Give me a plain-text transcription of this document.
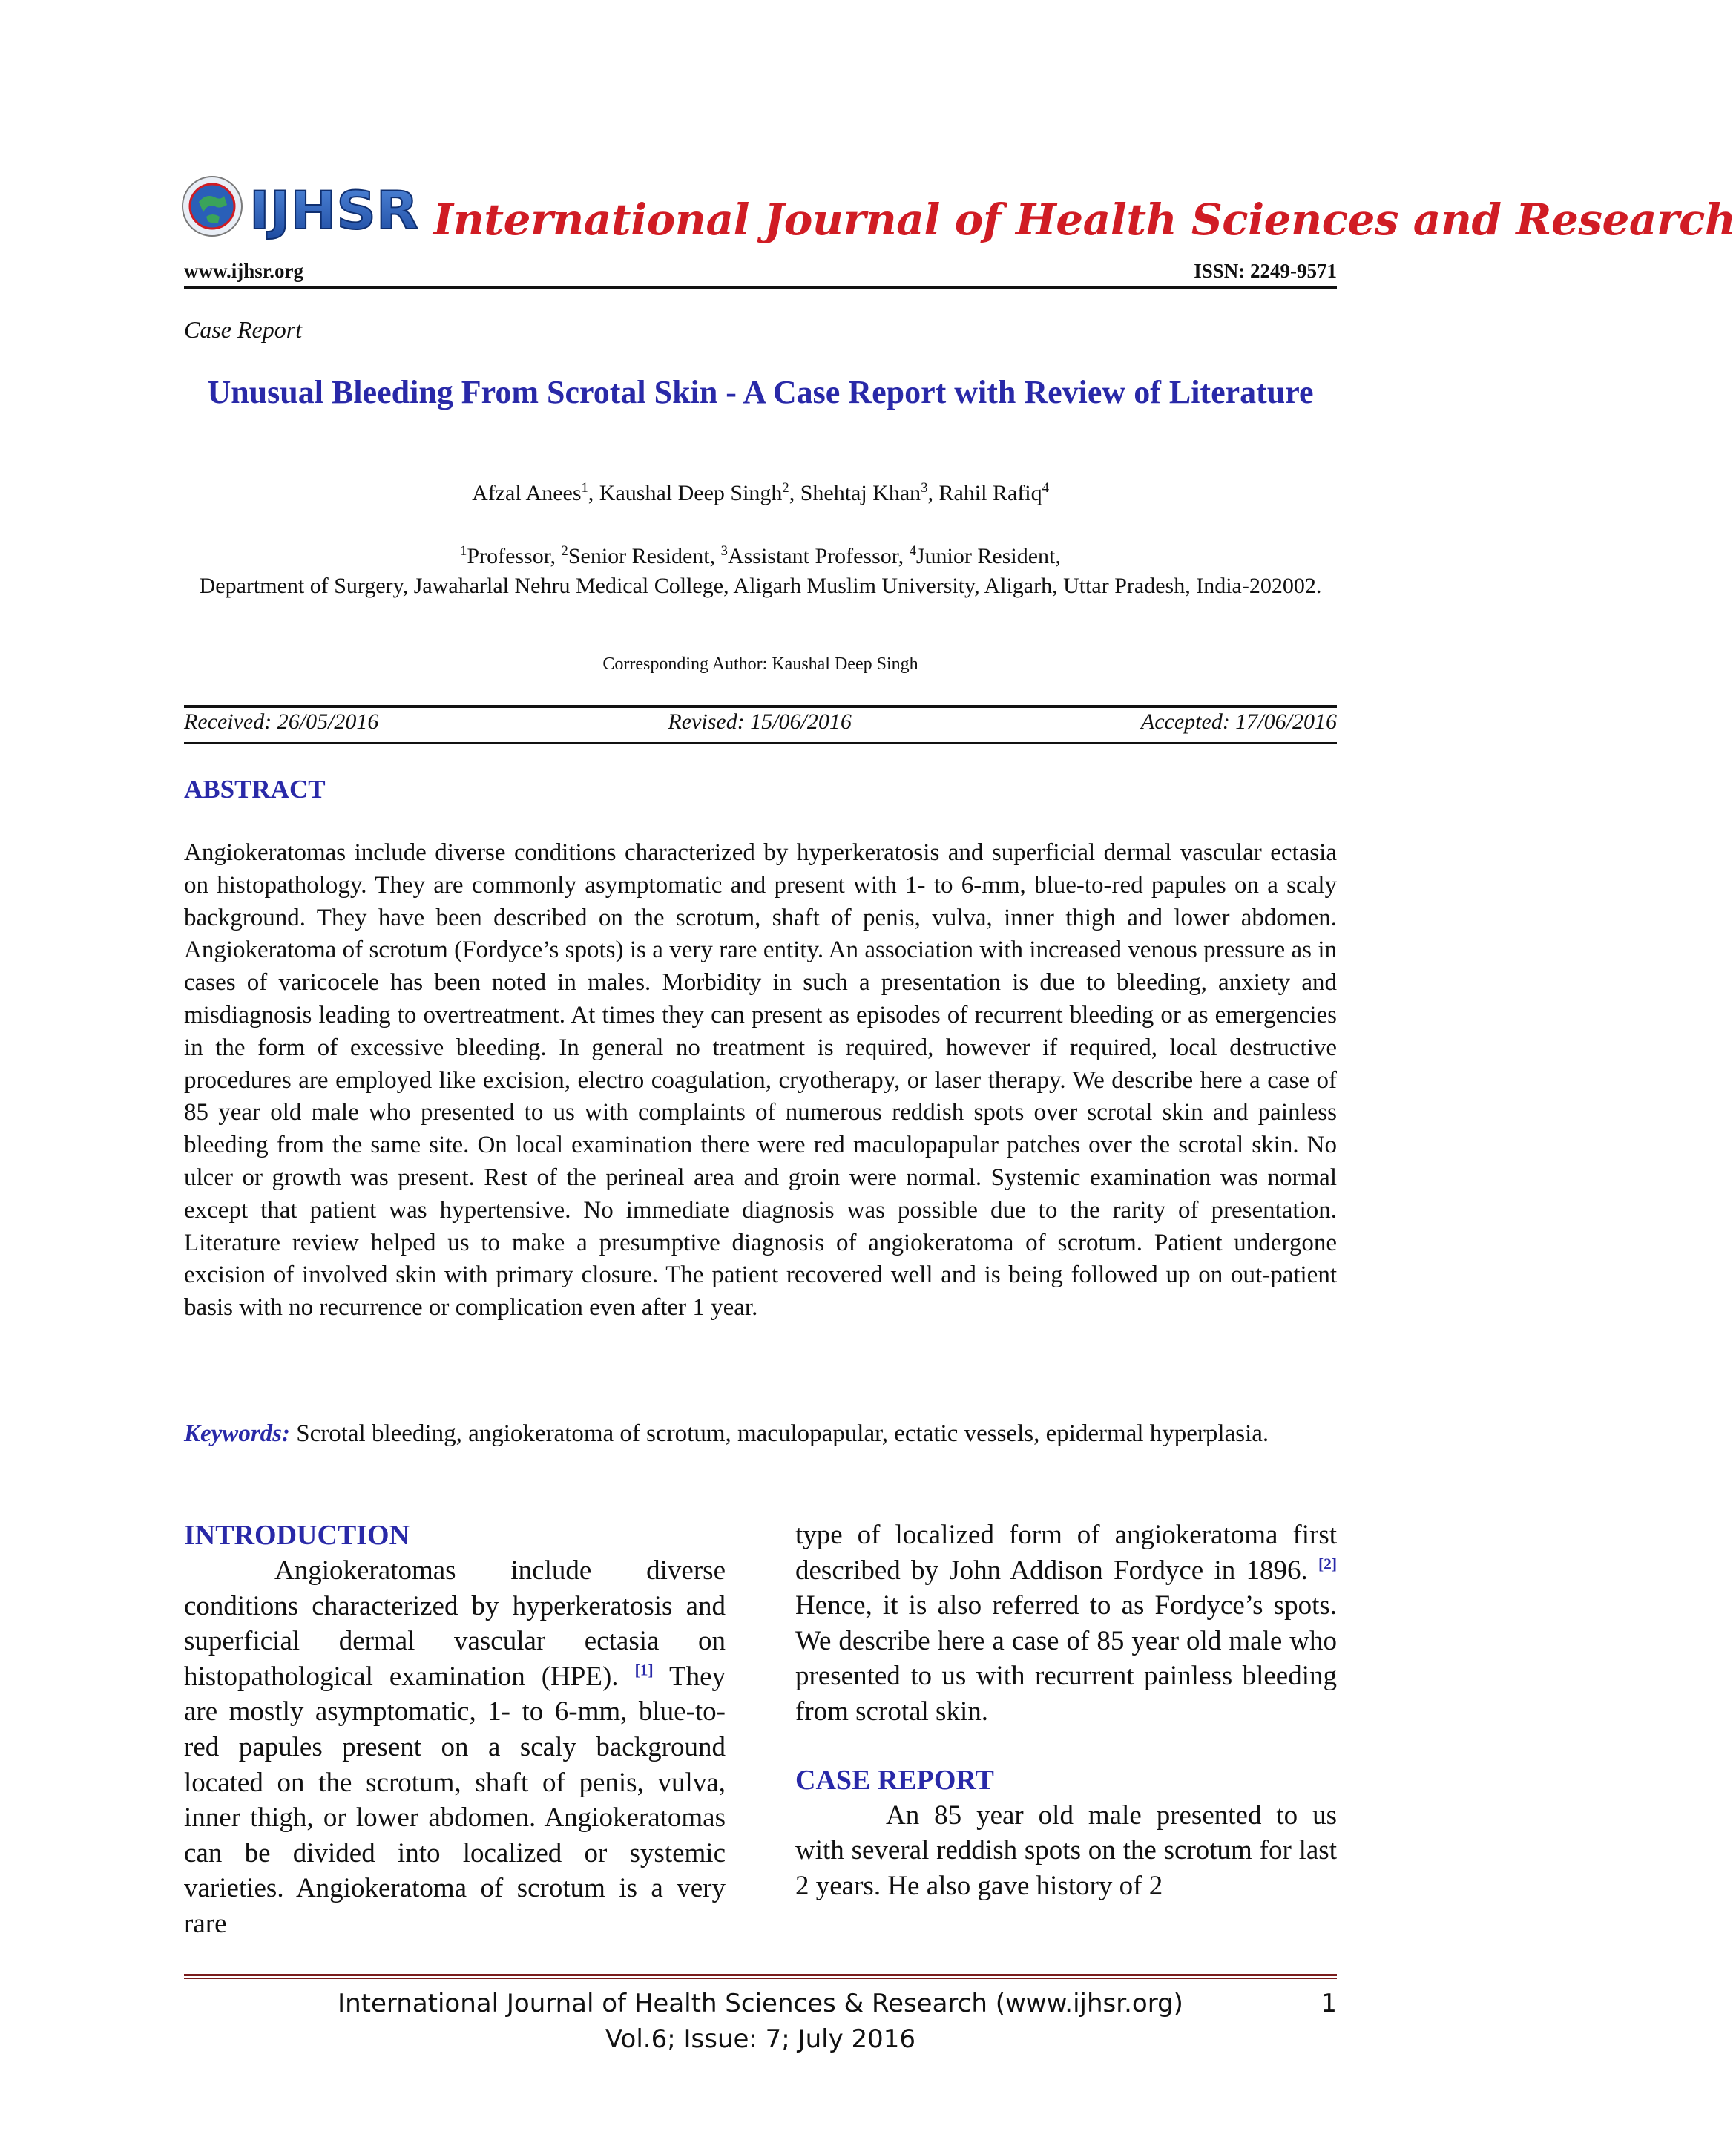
IJHSR International Journal of Health Sciences and Research
www.ijhsr.org	ISSN: 2249-9571
Case Report
Unusual Bleeding From Scrotal Skin - A Case Report with Review of Literature
Afzal Anees$^1$, Kaushal Deep Singh$^2$, Shehtaj Khan$^3$, Rahil Rafiq$^4$
$^1$Professor, $^2$Senior Resident, $^3$Assistant Professor, $^4$Junior Resident,
Department of Surgery, Jawaharlal Nehru Medical College, Aligarh Muslim University, Aligarh, Uttar Pradesh, India-202002.
Corresponding Author: Kaushal Deep Singh
Received: 26/05/2016	Revised: 15/06/2016	Accepted: 17/06/2016
ABSTRACT

Angiokeratomas include diverse conditions characterized by hyperkeratosis and superficial dermal vascular ectasia on histopathology. They are commonly asymptomatic and present with 1- to 6-mm, blue-to-red papules on a scaly background. They have been described on the scrotum, shaft of penis, vulva, inner thigh and lower abdomen. Angiokeratoma of scrotum (Fordyce’s spots) is a very rare entity. An association with increased venous pressure as in cases of varicocele has been noted in males. Morbidity in such a presentation is due to bleeding, anxiety and misdiagnosis leading to overtreatment. At times they can present as episodes of recurrent bleeding or as emergencies in the form of excessive bleeding. In general no treatment is required, however if required, local destructive procedures are employed like excision, electro coagulation, cryotherapy, or laser therapy. We describe here a case of 85 year old male who presented to us with complaints of numerous reddish spots over scrotal skin and painless bleeding from the same site. On local examination there were red maculopapular patches over the scrotal skin. No ulcer or growth was present. Rest of the perineal area and groin were normal. Systemic examination was normal except that patient was hypertensive. No immediate diagnosis was possible due to the rarity of presentation. Literature review helped us to make a presumptive diagnosis of angiokeratoma of scrotum. Patient undergone excision of involved skin with primary closure. The patient recovered well and is being followed up on out-patient basis with no recurrence or complication even after 1 year.

Keywords: Scrotal bleeding, angiokeratoma of scrotum, maculopapular, ectatic vessels, epidermal hyperplasia.

INTRODUCTION

Angiokeratomas include diverse conditions characterized by hyperkeratosis and superficial dermal vascular ectasia on histopathological examination (HPE). [1] They are mostly asymptomatic, 1- to 6-mm, blue-to-red papules present on a scaly background located on the scrotum, shaft of penis, vulva, inner thigh, or lower abdomen. Angiokeratomas can be divided into localized or systemic varieties. Angiokeratoma of scrotum is a very rare

type of localized form of angiokeratoma first described by John Addison Fordyce in 1896. [2] Hence, it is also referred to as Fordyce’s spots. We describe here a case of 85 year old male who presented to us with recurrent painless bleeding from scrotal skin.

CASE REPORT

An 85 year old male presented to us with several reddish spots on the scrotum for last 2 years. He also gave history of 2

International Journal of Health Sciences & Research (www.ijhsr.org)
Vol.6; Issue: 7; July 2016
1
